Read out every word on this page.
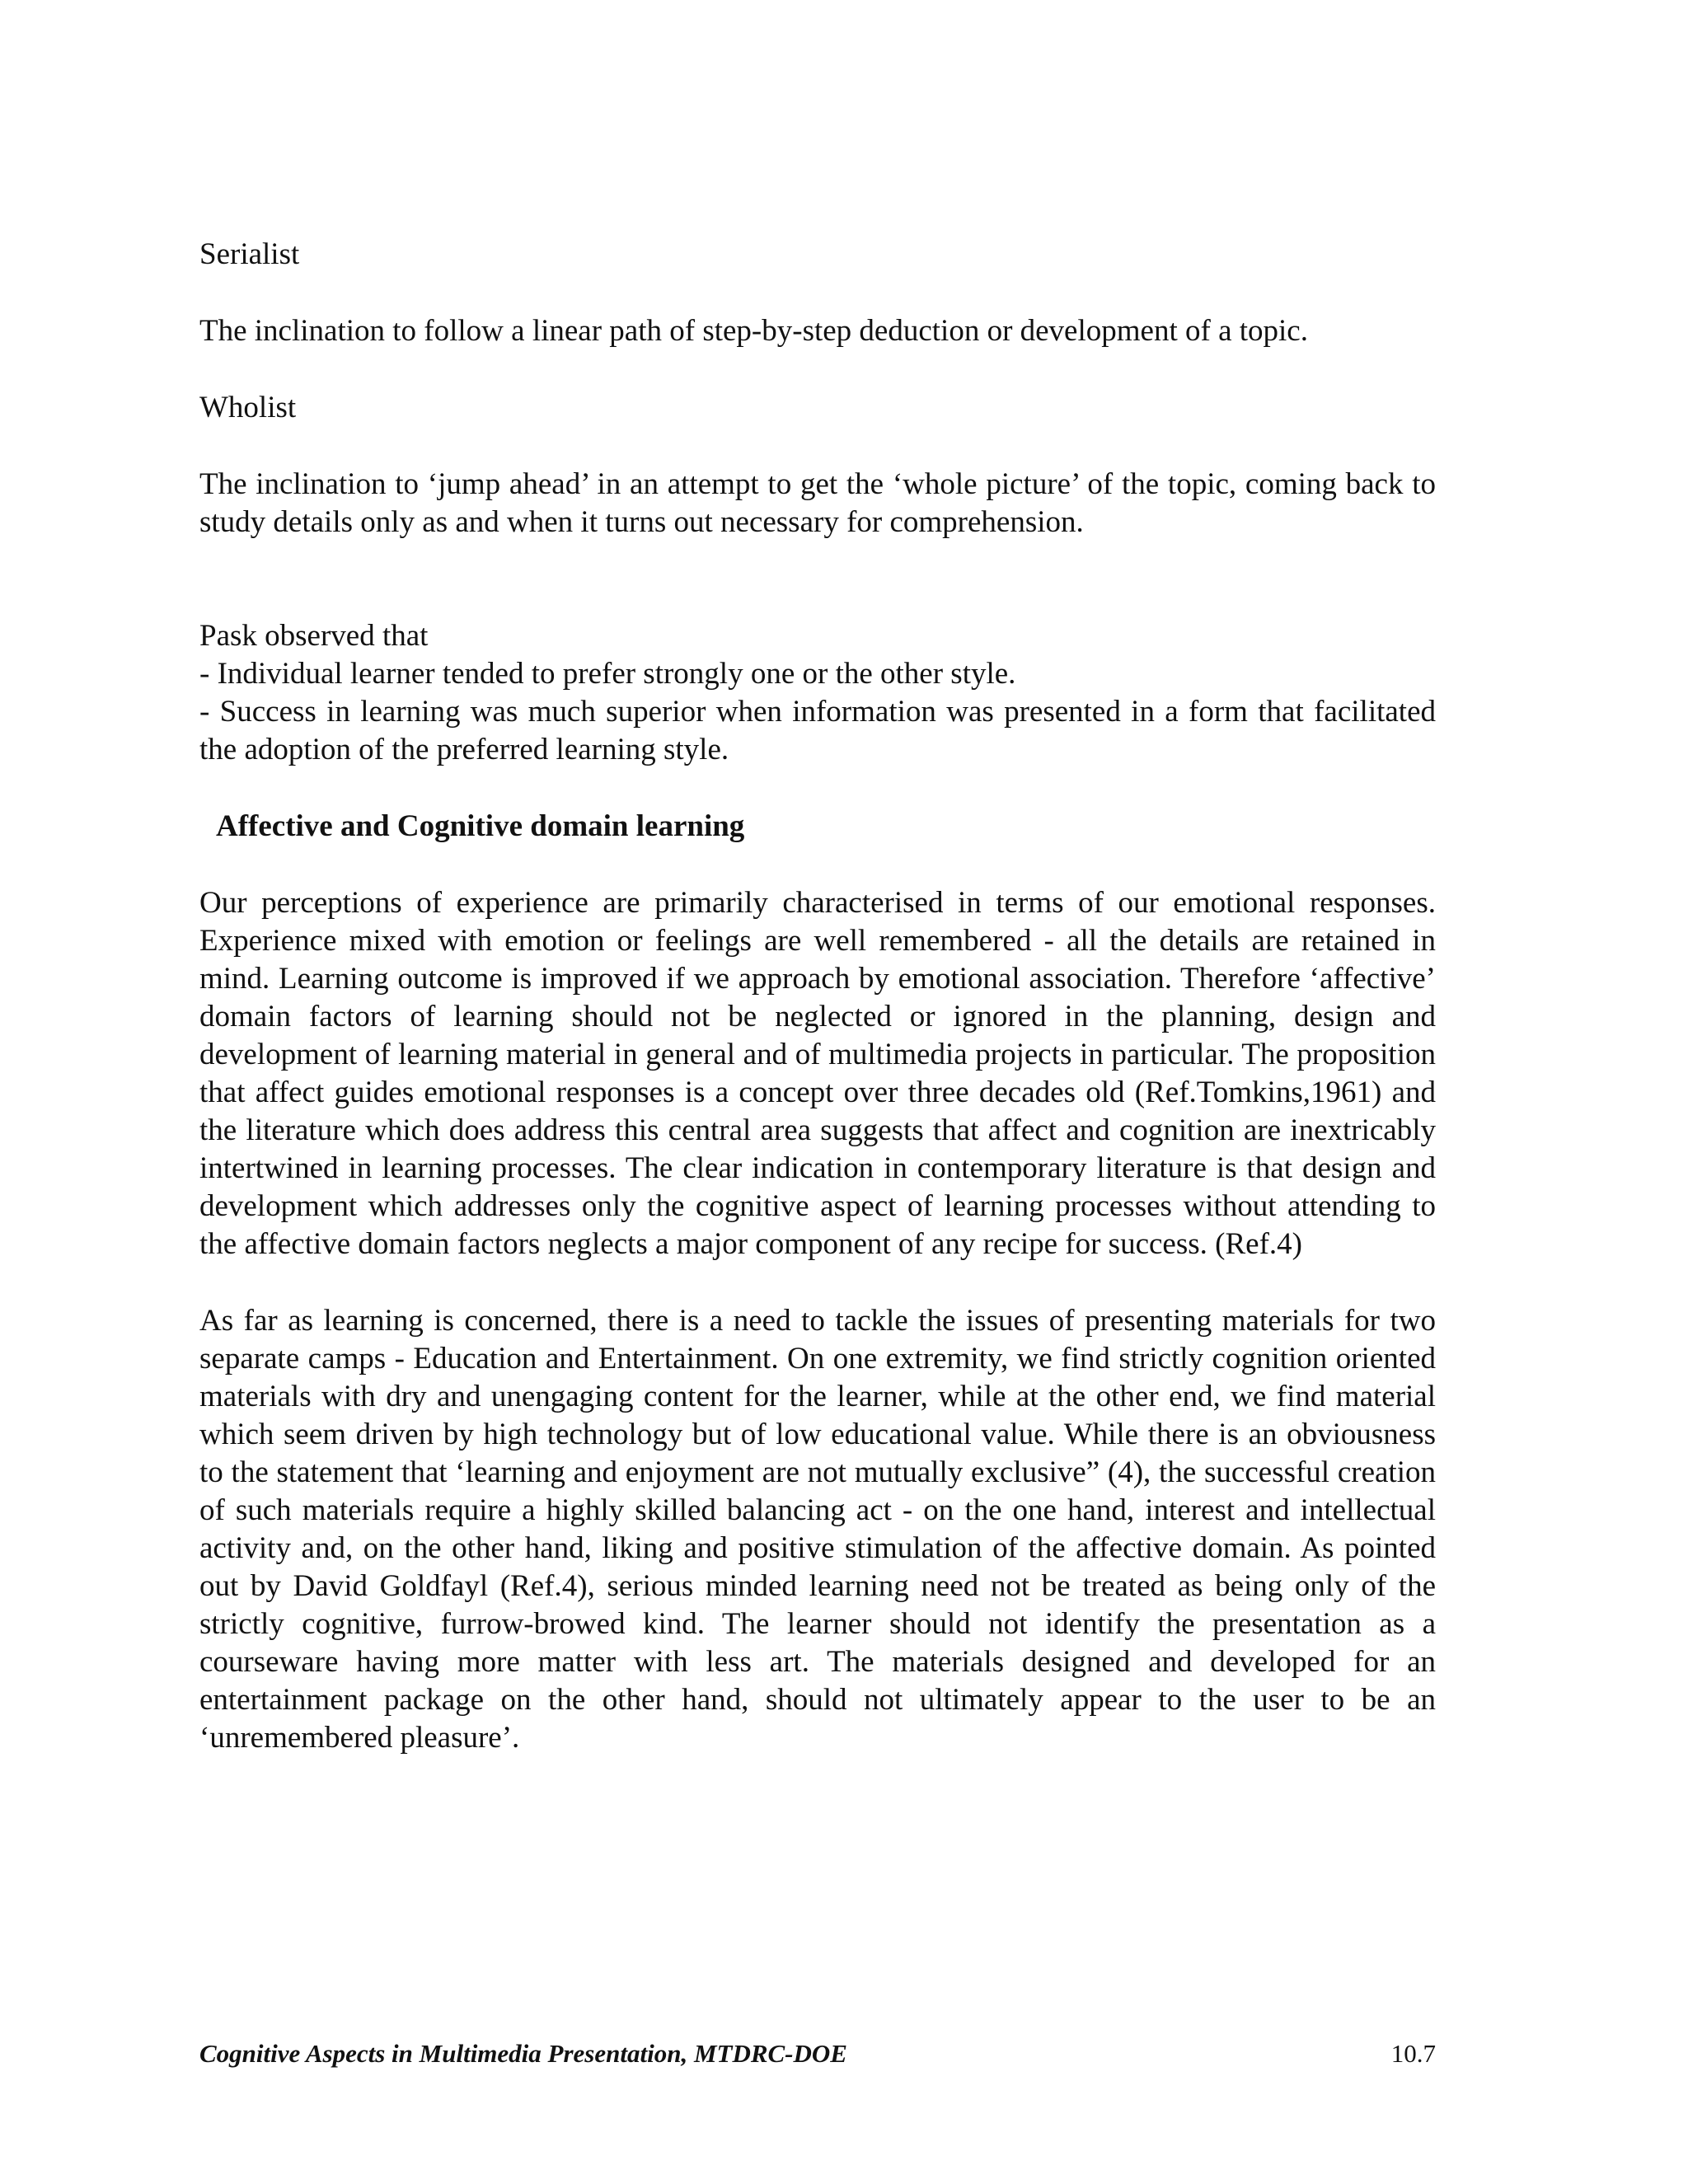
Serialist

The inclination to follow a linear path of step-by-step deduction or development of a topic.

Wholist

The inclination to ‘jump ahead’ in an attempt to get the ‘whole picture’ of the topic, coming back to study details only as and when it turns out necessary for comprehension.

Pask observed that

- Individual learner tended to prefer strongly one or the other style.

- Success in learning was much superior when information was presented in a form that facilitated the adoption of the preferred learning style.

Affective and Cognitive domain learning

Our perceptions of experience are primarily characterised in terms of our emotional responses. Experience mixed with emotion or feelings are well remembered - all the details are retained in mind. Learning outcome is improved if we approach by emotional association. Therefore ‘affective’ domain factors of learning should not be neglected or ignored in the planning, design and development of learning material in general and of multimedia projects in particular. The proposition that affect guides emotional responses is a concept over three decades old (Ref.Tomkins,1961) and the literature which does address this central area suggests that affect and cognition are inextricably intertwined in learning processes. The clear indication in contemporary literature is that design and development which addresses only the cognitive aspect of learning processes without attending to the affective domain factors neglects a major component of any recipe for success. (Ref.4)

As far as learning is concerned, there is a need to tackle the issues of presenting materials for two separate camps - Education and Entertainment. On one extremity, we find strictly cognition oriented materials with dry and unengaging content for the learner, while at the other end, we find material which seem driven by high technology but of low educational value. While there is an obviousness to the statement that ‘learning and enjoyment are not mutually exclusive” (4), the successful creation of such materials require a highly skilled balancing act - on the one hand, interest and intellectual activity and, on the other hand, liking and positive stimulation of the affective domain. As pointed out by David Goldfayl (Ref.4), serious minded learning need not be treated as being only of the strictly cognitive, furrow-browed kind. The learner should not identify the presentation as a courseware having more matter with less art. The materials designed and developed for an entertainment package on the other hand, should not ultimately appear to the user to be an ‘unremembered pleasure’.

Cognitive Aspects in Multimedia Presentation, MTDRC-DOE	10.7
